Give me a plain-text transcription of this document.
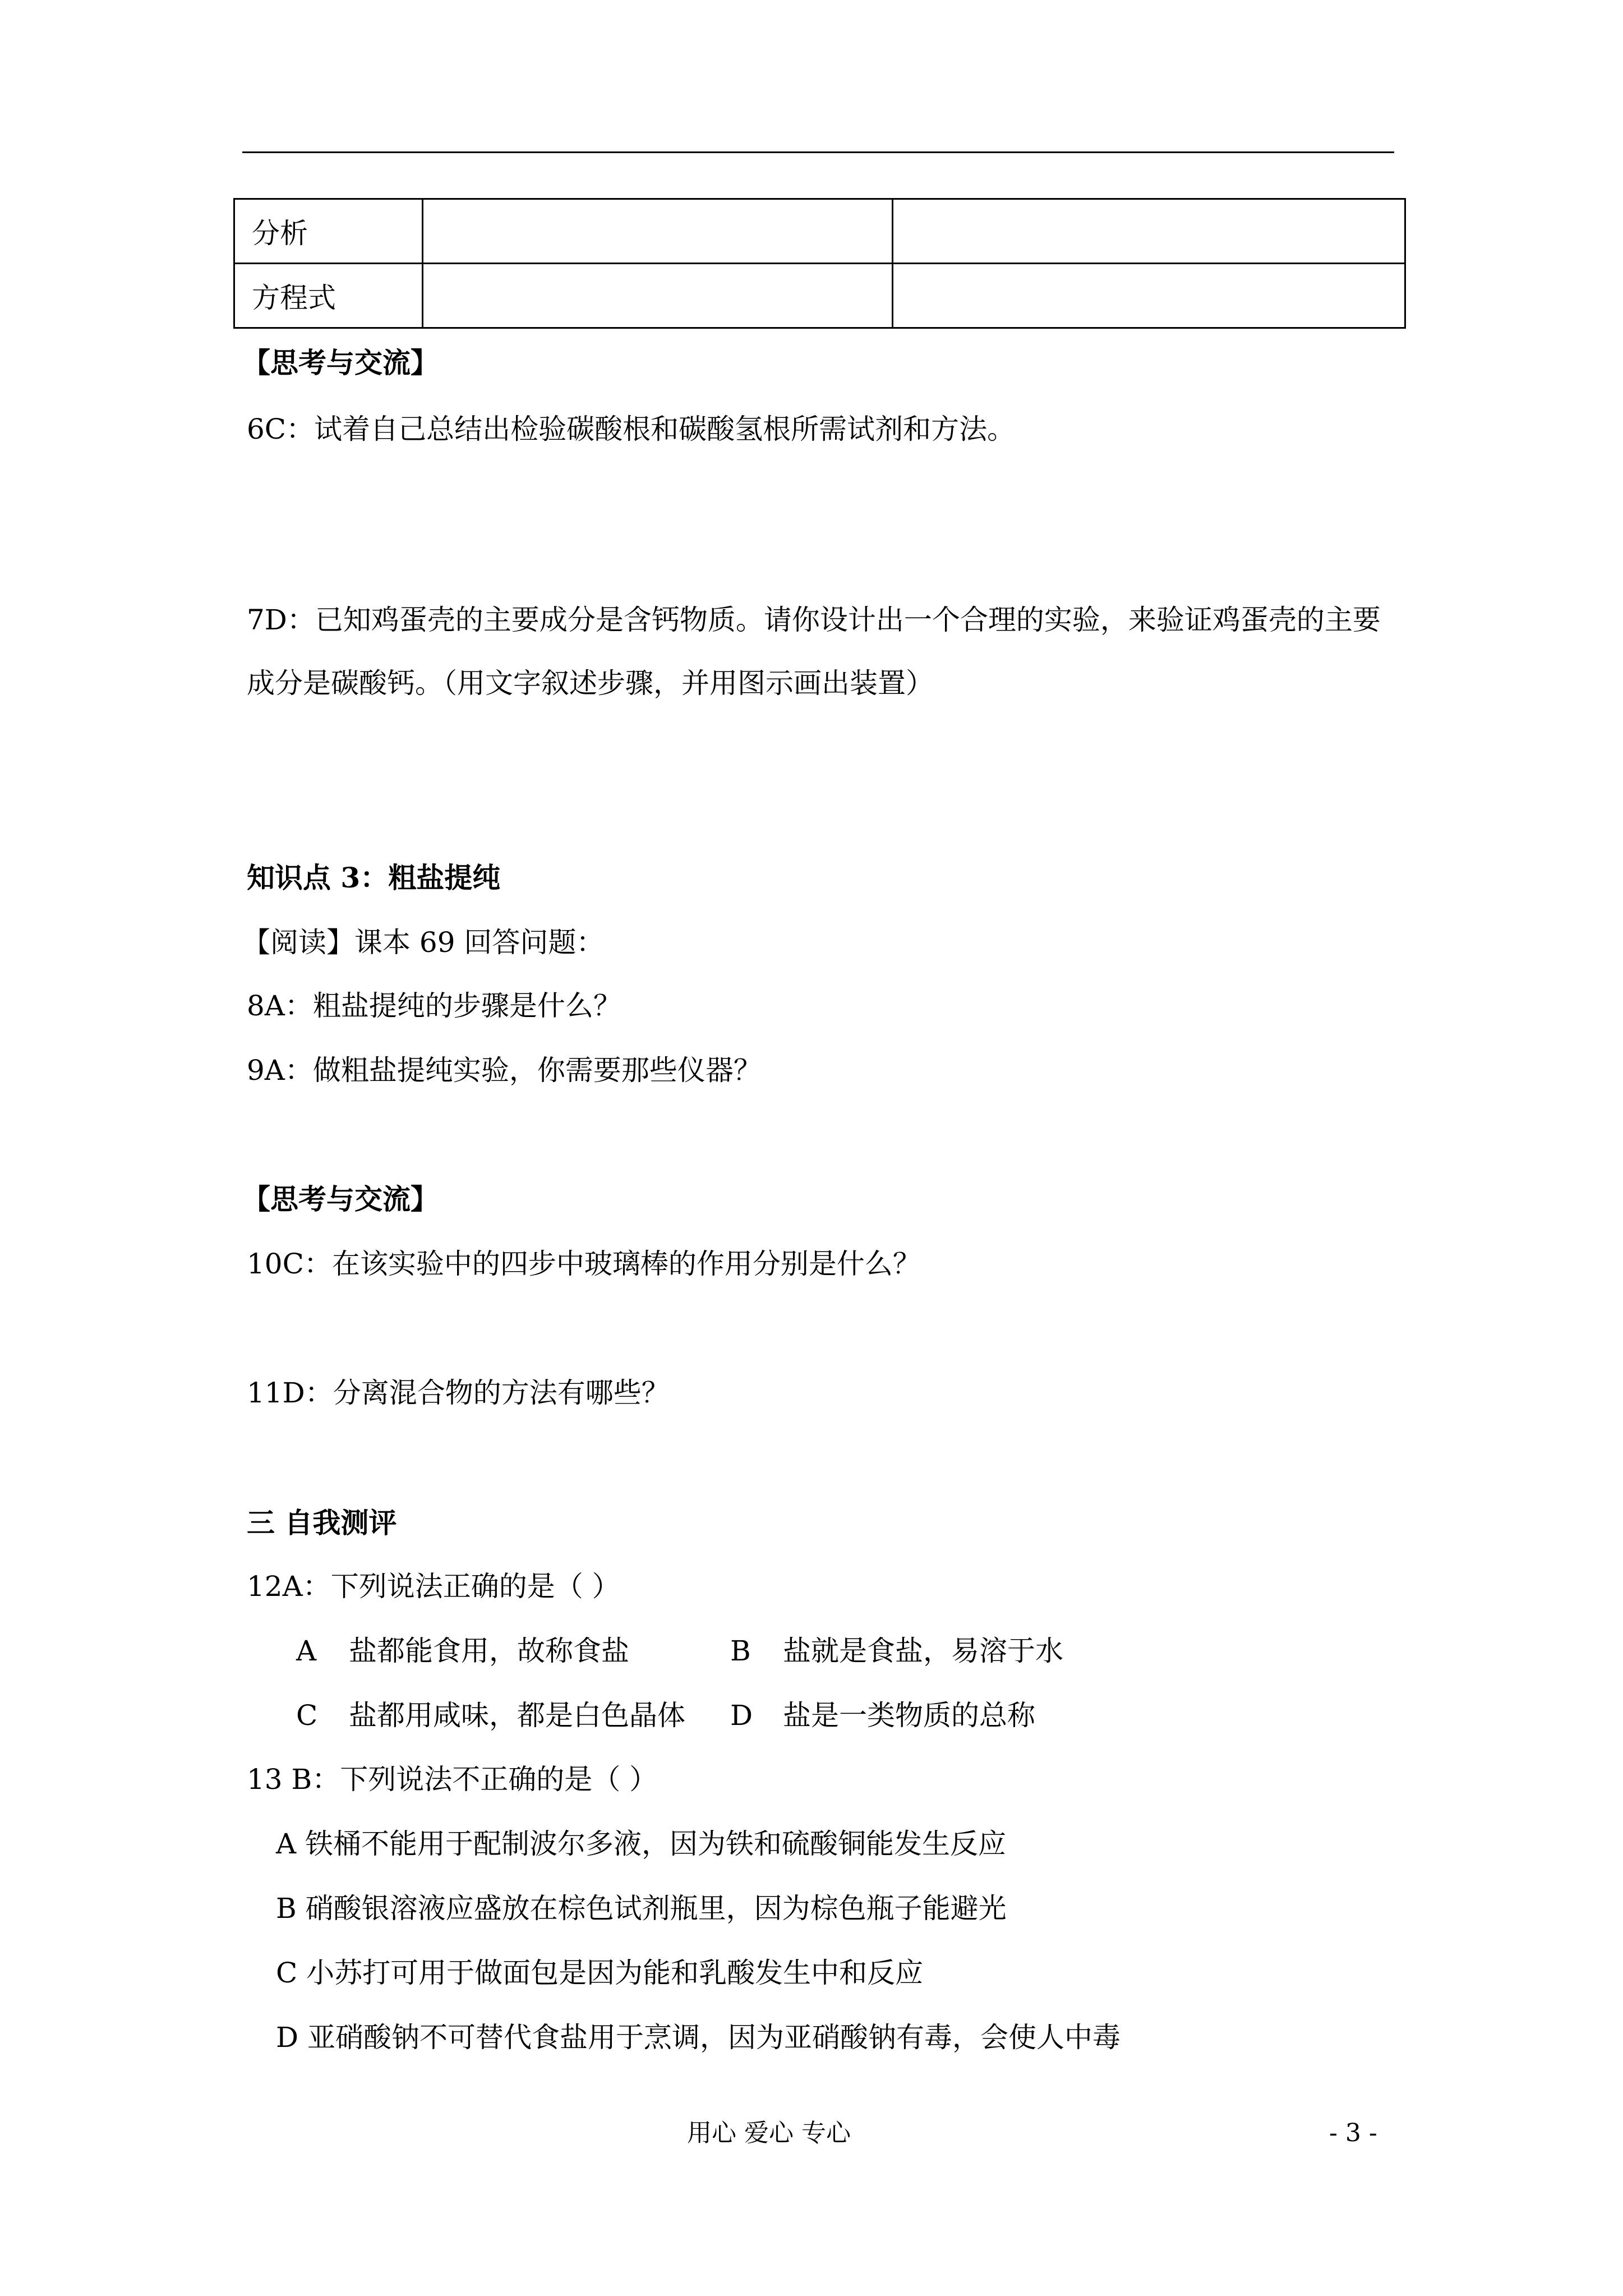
分析		
方程式		
【思考与交流】
6C：试着自己总结出检验碳酸根和碳酸氢根所需试剂和方法。
7D：已知鸡蛋壳的主要成分是含钙物质。请你设计出一个合理的实验，来验证鸡蛋壳的主要
成分是碳酸钙。（用文字叙述步骤，并用图示画出装置）
知识点 3：粗盐提纯
【阅读】课本 69 回答问题：
8A：粗盐提纯的步骤是什么？
9A：做粗盐提纯实验，你需要那些仪器？
【思考与交流】
10C：在该实验中的四步中玻璃棒的作用分别是什么？
11D：分离混合物的方法有哪些？
三 自我测评
12A：下列说法正确的是（ ）
A 盐都能食用，故称食盐	B 盐就是食盐，易溶于水
C 盐都用咸味，都是白色晶体 D 盐是一类物质的总称
13 B：下列说法不正确的是（ ）
A 铁桶不能用于配制波尔多液，因为铁和硫酸铜能发生反应
B 硝酸银溶液应盛放在棕色试剂瓶里，因为棕色瓶子能避光
C 小苏打可用于做面包是因为能和乳酸发生中和反应
D 亚硝酸钠不可替代食盐用于烹调，因为亚硝酸钠有毒，会使人中毒
用心 爱心 专心	- 3 -
